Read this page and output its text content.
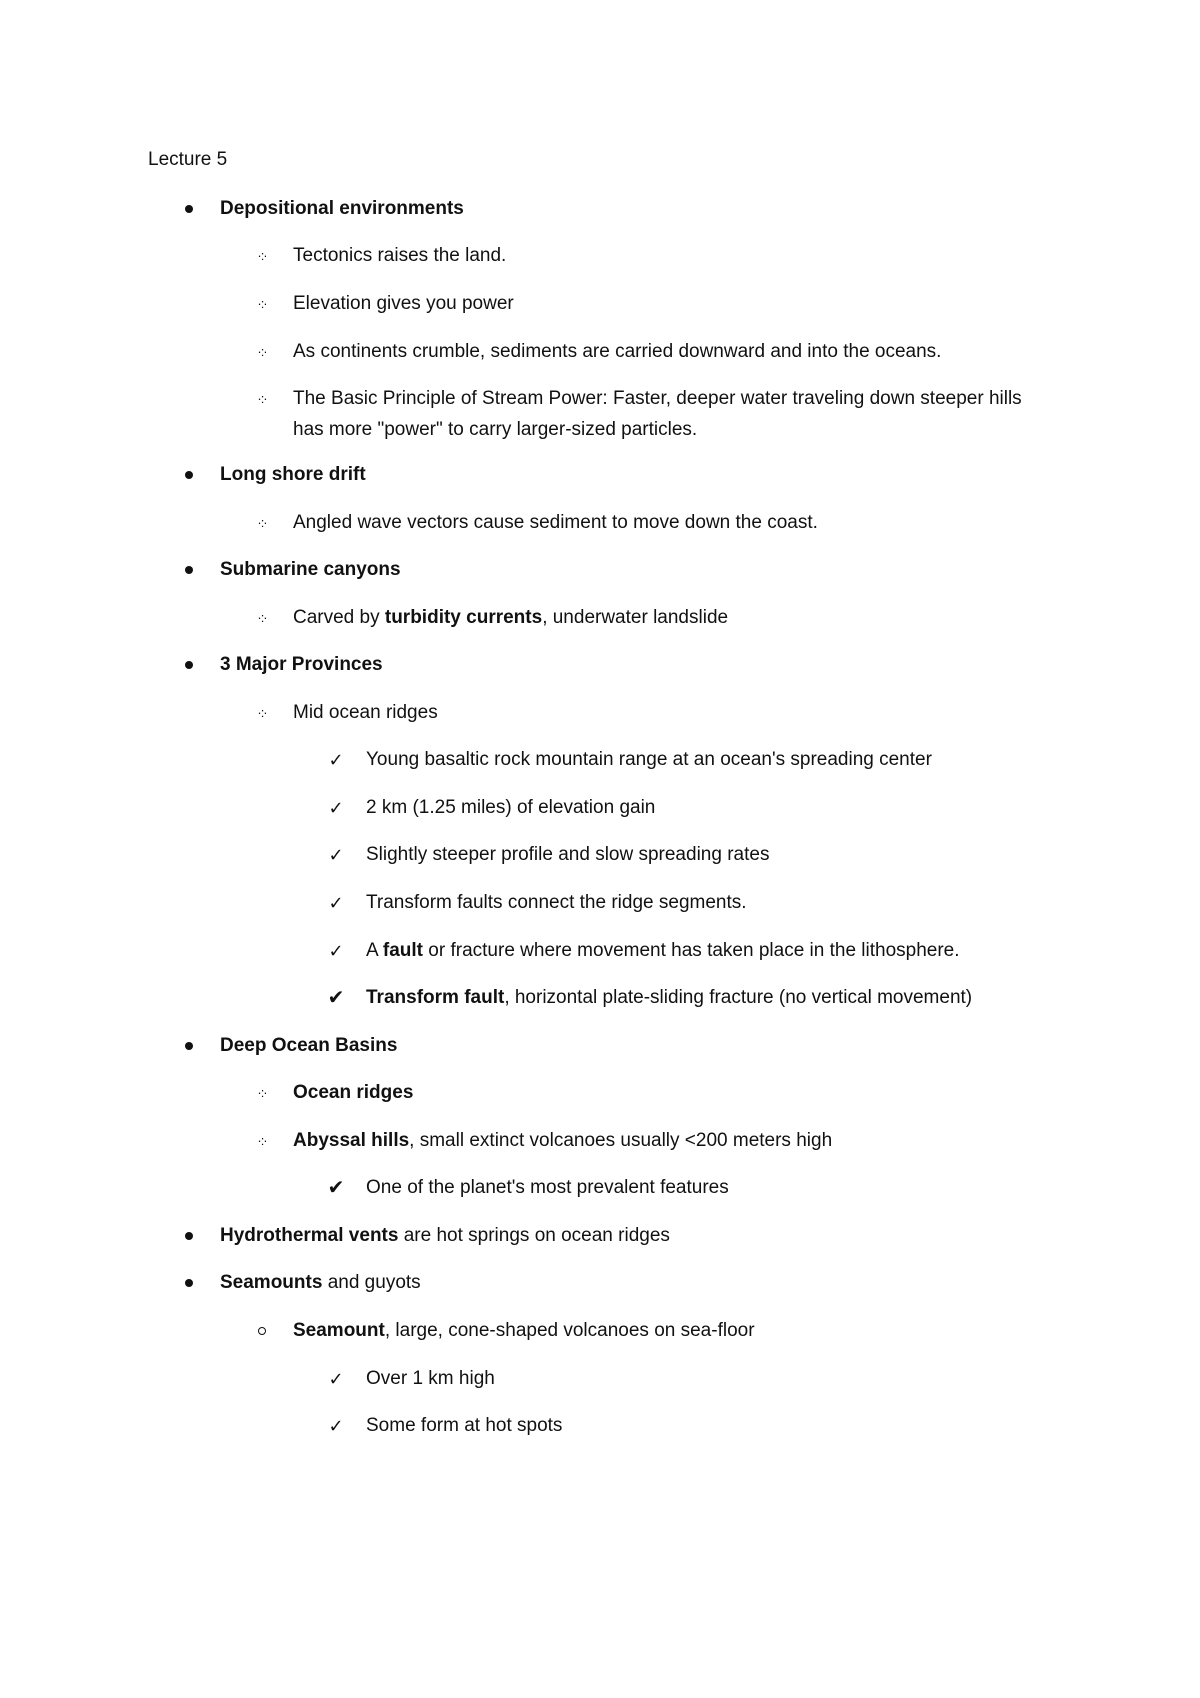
Lecture 5
Depositional environments
·:· Tectonics raises the land.
·:· Elevation gives you power
·:· As continents crumble, sediments are carried downward and into the oceans.
·:· The Basic Principle of Stream Power: Faster, deeper water traveling down steeper hills has more "power" to carry larger-sized particles.
Long shore drift
·:· Angled wave vectors cause sediment to move down the coast.
Submarine canyons
·:· Carved by turbidity currents, underwater landslide
3 Major Provinces
·:· Mid ocean ridges
✓ Young basaltic rock mountain range at an ocean's spreading center
✓ 2 km (1.25 miles) of elevation gain
✓ Slightly steeper profile and slow spreading rates
✓ Transform faults connect the ridge segments.
✓ A fault or fracture where movement has taken place in the lithosphere.
✔ Transform fault, horizontal plate-sliding fracture (no vertical movement)
Deep Ocean Basins
·:· Ocean ridges
·:· Abyssal hills, small extinct volcanoes usually <200 meters high
✔ One of the planet's most prevalent features
Hydrothermal vents are hot springs on ocean ridges
Seamounts and guyots
Seamount, large, cone-shaped volcanoes on sea-floor
✓ Over 1 km high
✓ Some form at hot spots
